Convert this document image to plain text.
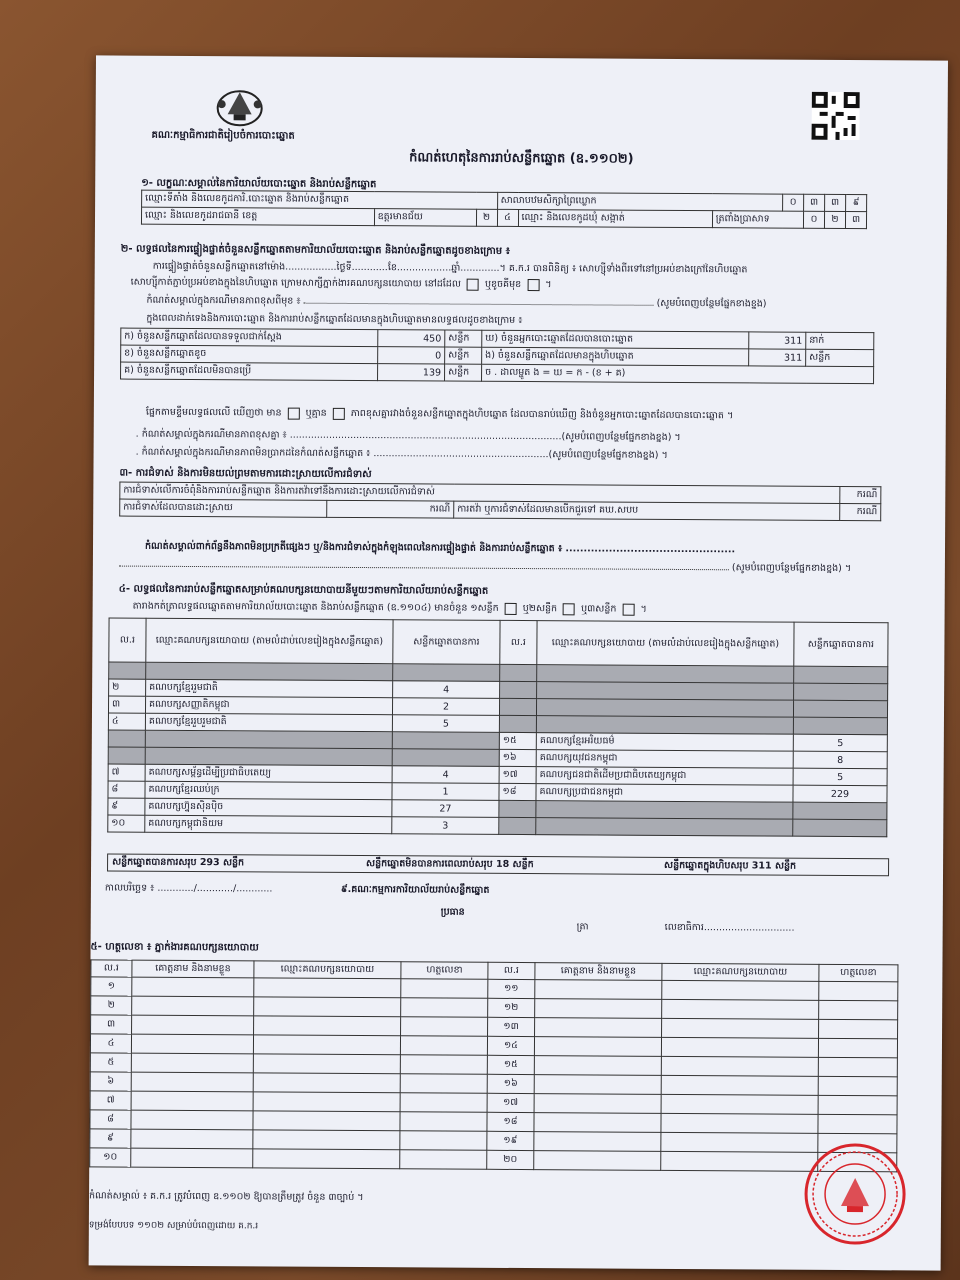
គណៈកម្មាធិការជាតិរៀបចំការបោះឆ្នោត
កំណត់ហេតុនៃការរាប់សន្លឹកឆ្នោត (ឧ.១១០២)
១- លក្ខណៈសម្គាល់នៃការិយាល័យបោះឆ្នោត និងរាប់សន្លឹកឆ្នោត
ឈ្មោះទីតាំង និងលេខកូដការិ.បោះឆ្នោត និងរាប់សន្លឹកឆ្នោត			សាលាបឋមសិក្សាព្រៃឃ្លោក			០	៣	៣	៩
ឈ្មោះ និងលេខកូដរាជធានី ខេត្ត	ឧត្តរមានជ័យ	២	៤	ឈ្មោះ និងលេខកូដឃុំ សង្កាត់	ត្រពាំងប្រាសាទ		០	២	៣
២- លទ្ធផលនៃការផ្ទៀងផ្ទាត់ចំនួនសន្លឹកឆ្នោតតាមការិយាល័យបោះឆ្នោត និងរាប់សន្លឹកឆ្នោតដូចខាងក្រោម ៖
ការផ្ទៀងផ្ទាត់ចំនួនសន្លឹកឆ្នោតនៅម៉ោង.................ថ្ងៃទី............ខែ..................ឆ្នាំ.............។ គ.ក.រ បានពិនិត្យ ៖ សោហ្ស៊ីទាំងពីរទៅនៅប្រអប់ខាងក្រៅនៃហិបឆ្នោត
សោហ្ស៊ីកាត់ភ្ជាប់ប្រអប់ខាងក្នុងនៃហិបឆ្នោត ក្រោមសាក្សីភ្នាក់ងារគណបក្សនយោបាយ នៅដដែល	ឬខូចគីមុខ  ។
កំណត់សម្គាល់ក្នុងករណីមានភាពខុសពីមុខ ៖	(សូមបំពេញបន្ថែមផ្នែកខាងខ្នង)
ក្នុងពេលដាក់ទេងនិងការបោះឆ្នោត និងការរាប់សន្លឹកឆ្នោតដែលមានក្នុងហិបឆ្នោតមានលទ្ធផលដូចខាងក្រោម ៖
ក) ចំនួនសន្លឹកឆ្នោតដែលបានទទួលជាក់ស្តែង	450	សន្លឹក	ឃ) ចំនួនអ្នកបោះឆ្នោតដែលបានបោះឆ្នោត	311	នាក់
ខ) ចំនួនសន្លឹកឆ្នោតខូច	0	សន្លឹក	ង) ចំនួនសន្លឹកឆ្នោតដែលមានក្នុងហិបឆ្នោត	311	សន្លឹក
គ) ចំនួនសន្លឹកឆ្នោតដែលមិនបានប្រើ	139	សន្លឹក	ច . ដាលម្ហូត ង = ឃ = ក - (ខ + គ)		
ផ្នែកតាមខ្ទឹមលទ្ធផលលើ ឃើញថា មាន	ឬគ្មាន	ភាពខុសគ្នារវាងចំនួនសន្លឹកឆ្នោតក្នុងហិបឆ្នោត ដែលបានរាប់ឃើញ និងចំនួនអ្នកបោះឆ្នោតដែលបានបោះឆ្នោត ។
. កំណត់សម្គាល់ក្នុងករណីមានភាពខុសគ្នា ៖ ..........................................................................................(សូមបំពេញបន្ថែមផ្នែកខាងខ្នង) ។
. កំណត់សម្គាល់ក្នុងករណីមានភាពមិនប្រាកដនៃកំណត់សន្លឹកឆ្នោត ៖ ..........................................................(សូមបំពេញបន្ថែមផ្នែកខាងខ្នង) ។
៣- ការជំទាស់ និងការមិនយល់ព្រមតាមការដោះស្រាយលើការជំទាស់
ការជំទាស់លើការចំពុំនិងការរាប់សន្លឹកឆ្នោត និងការតវ៉ាទៅនឹងការដោះស្រាយលើការជំទាស់			ករណី
ការជំទាស់ដែលបានដោះស្រាយ	ករណី	ការតវ៉ា ឬការជំទាស់ដែលមានបើកជួរទៅ គឃ.សបប	ករណី
កំណត់សម្គាល់ពាក់ព័ន្ធនឹងភាពមិនប្រក្រតីផ្សេងៗ ឬ/និងការជំទាស់ក្នុងកំឡុងពេលនៃការផ្ទៀងផ្ទាត់ និងការរាប់សន្លឹកឆ្នោត ៖ ...............................................
(សូមបំពេញបន្ថែមផ្នែកខាងខ្នង) ។
៤- លទ្ធផលនៃការរាប់សន្លឹកឆ្នោតសម្រាប់គណបក្សនយោបាយនីមួយៗតាមការិយាល័យរាប់សន្លឹកឆ្នោត
តារាងកត់ត្រាលទ្ធផលឆ្នោតតាមការិយាល័យបោះឆ្នោត និងរាប់សន្លឹកឆ្នោត (ឧ.១១០៤) មានចំនួន ១សន្លឹក	ឬ២សន្លឹក	ឬ៣សន្លឹក  ។
ល.រ	ឈ្មោះគណបក្សនយោបាយ (តាមលំដាប់លេខរៀងក្នុងសន្លឹកឆ្នោត)	សន្លឹកឆ្នោតបានការ	ល.រ	ឈ្មោះគណបក្សនយោបាយ (តាមលំដាប់លេខរៀងក្នុងសន្លឹកឆ្នោត)	សន្លឹកឆ្នោតបានការ

២	គណបក្សខ្មែររួមជាតិ	4			
៣	គណបក្សសញ្ញាតិកម្ពុជា	2			
៤	គណបក្សខ្មែររួបរួមជាតិ	5			
			១៥	គណបក្សខ្មែរអរិយធម៌	5
			១៦	គណបក្សយុវជនកម្ពុជា	8
៧	គណបក្សសម្ព័ន្ធដើម្បីប្រជាធិបតេយ្យ	4	១៧	គណបក្សជនជាតិដើមប្រជាធិបតេយ្យកម្ពុជា	5
៨	គណបក្សខ្មែរឈប់ក្រ	1	១៨	គណបក្សប្រជាជនកម្ពុជា	229
៩	គណបក្សហ្វ៊ុនស៊ិនប៉ិច	27			
១០	គណបក្សកម្ពុជានិយម	3			
សន្លឹកឆ្នោតបានការសរុប 293 សន្លឹក	សន្លឹកឆ្នោតមិនបានការពេលរាប់សរុប 18 សន្លឹក	សន្លឹកឆ្នោតក្នុងហិបសរុប 311 សន្លឹក
កាលបរិច្ឆេទ ៖ ............/............/............	៩.គណៈកម្មការការិយាល័យរាប់សន្លឹកឆ្នោត
ប្រធាន
ត្រា	លេខាធិការ..............................
៥- ហត្ថលេខា ៖ ភ្នាក់ងារគណបក្សនយោបាយ
ល.រ	គោត្តនាម និងនាមខ្លួន	ឈ្មោះគណបក្សនយោបាយ	ហត្ថលេខា	ល.រ	គោត្តនាម និងនាមខ្លួន	ឈ្មោះគណបក្សនយោបាយ	ហត្ថលេខា
១				១១			
២				១២			
៣				១៣			
៤				១៤			
៥				១៥			
៦				១៦			
៧				១៧			
៨				១៨			
៩				១៩			
១០				២០			
កំណត់សម្គាល់ ៖ គ.ក.រ ត្រូវបំពេញ ឧ.១១០២ ឱ្យបានត្រឹមត្រូវ ចំនួន ៣ច្បាប់ ។
ទម្រង់បែបបទ ១១០២ សម្រាប់បំពេញដោយ គ.ក.រ
